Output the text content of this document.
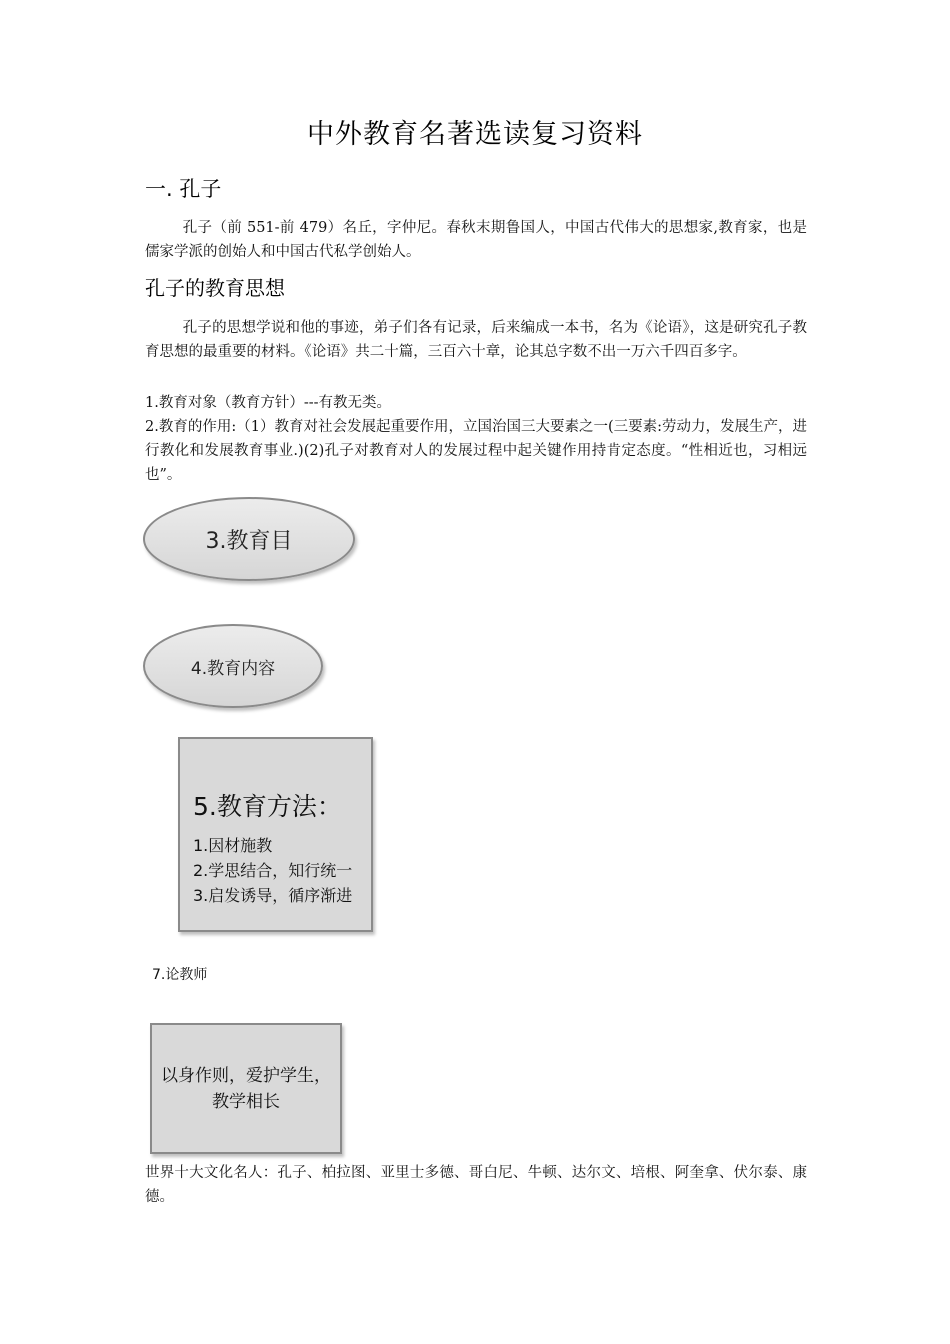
中外教育名著选读复习资料
一. 孔子

孔子（前 551-前 479）名丘，字仲尼。春秋末期鲁国人，中国古代伟大的思想家,教育家，也是儒家学派的创始人和中国古代私学创始人。

孔子的教育思想

孔子的思想学说和他的事迹，弟子们各有记录，后来编成一本书，名为《论语》，这是研究孔子教育思想的最重要的材料。《论语》共二十篇，三百六十章，论其总字数不出一万六千四百多字。

1.教育对象（教育方针）---有教无类。

2.教育的作用:（1）教育对社会发展起重要作用，立国治国三大要素之一(三要素:劳动力，发展生产，进行教化和发展教育事业.)(2)孔子对教育对人的发展过程中起关键作用持肯定态度。“性相近也，习相远也”。

3.教育目
4.教育内容
5.教育方法：
1.因材施教
2.学思结合，知行统一
3.启发诱导，循序渐进
7.论教师
以身作则，爱护学生，
教学相长

世界十大文化名人：孔子、柏拉图、亚里士多德、哥白尼、牛顿、达尔文、培根、阿奎拿、伏尔泰、康德。
